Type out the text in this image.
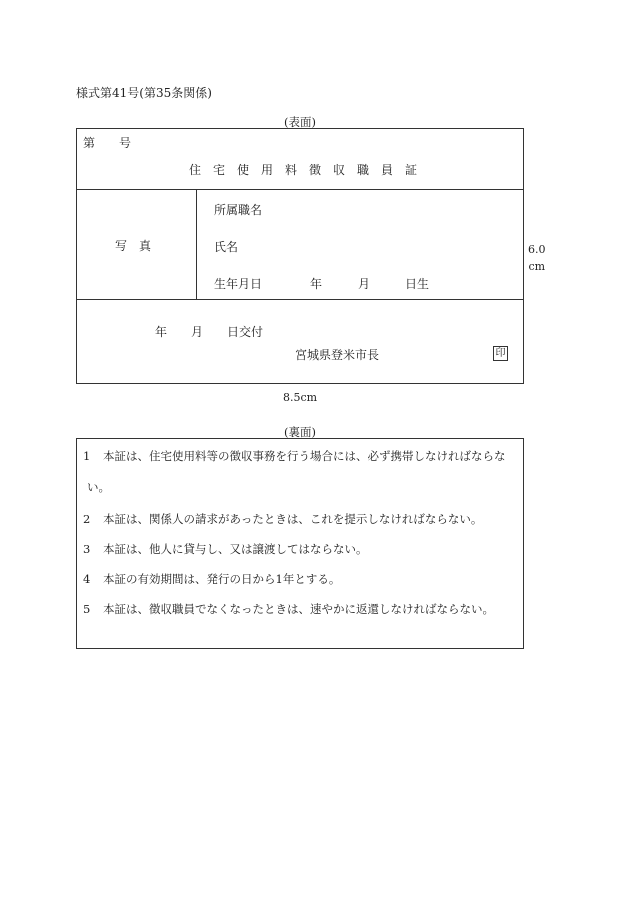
様式第41号(第35条関係)
(表面)
第 号
住宅使用料徴収職員証
写　真
所属職名
氏名
生年月日	年	月	日生
年 月 日交付
宮城県登米市長	印
6.0
cm
8.5cm
(裏面)
1 本証は、住宅使用料等の徴収事務を行う場合には、必ず携帯しなければならな
い。
2 本証は、関係人の請求があったときは、これを提示しなければならない。
3 本証は、他人に貸与し、又は譲渡してはならない。
4 本証の有効期間は、発行の日から1年とする。
5 本証は、徴収職員でなくなったときは、速やかに返還しなければならない。
